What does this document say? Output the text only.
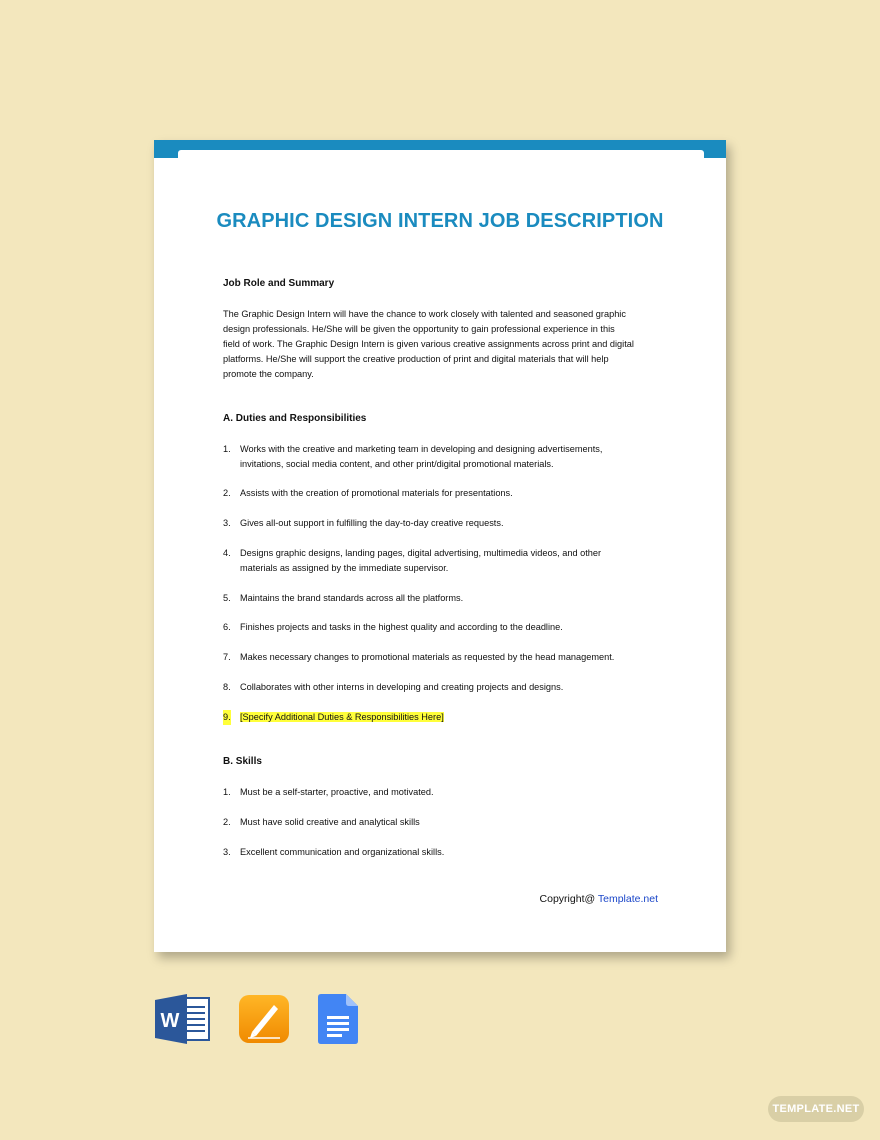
GRAPHIC DESIGN INTERN JOB DESCRIPTION
Job Role and Summary
The Graphic Design Intern will have the chance to work closely with talented and seasoned graphic
design professionals. He/She will be given the opportunity to gain professional experience in this
field of work. The Graphic Design Intern is given various creative assignments across print and digital
platforms. He/She will support the creative production of print and digital materials that will help
promote the company.
A. Duties and Responsibilities
1. Works with the creative and marketing team in developing and designing advertisements,
invitations, social media content, and other print/digital promotional materials.
2. Assists with the creation of promotional materials for presentations.
3. Gives all-out support in fulfilling the day-to-day creative requests.
4. Designs graphic designs, landing pages, digital advertising, multimedia videos, and other
materials as assigned by the immediate supervisor.
5. Maintains the brand standards across all the platforms.
6. Finishes projects and tasks in the highest quality and according to the deadline.
7. Makes necessary changes to promotional materials as requested by the head management.
8. Collaborates with other interns in developing and creating projects and designs.
9. [Specify Additional Duties & Responsibilities Here]
B. Skills
1. Must be a self-starter, proactive, and motivated.
2. Must have solid creative and analytical skills
3. Excellent communication and organizational skills.
Copyright@ Template.net
W
TEMPLATE.NET
